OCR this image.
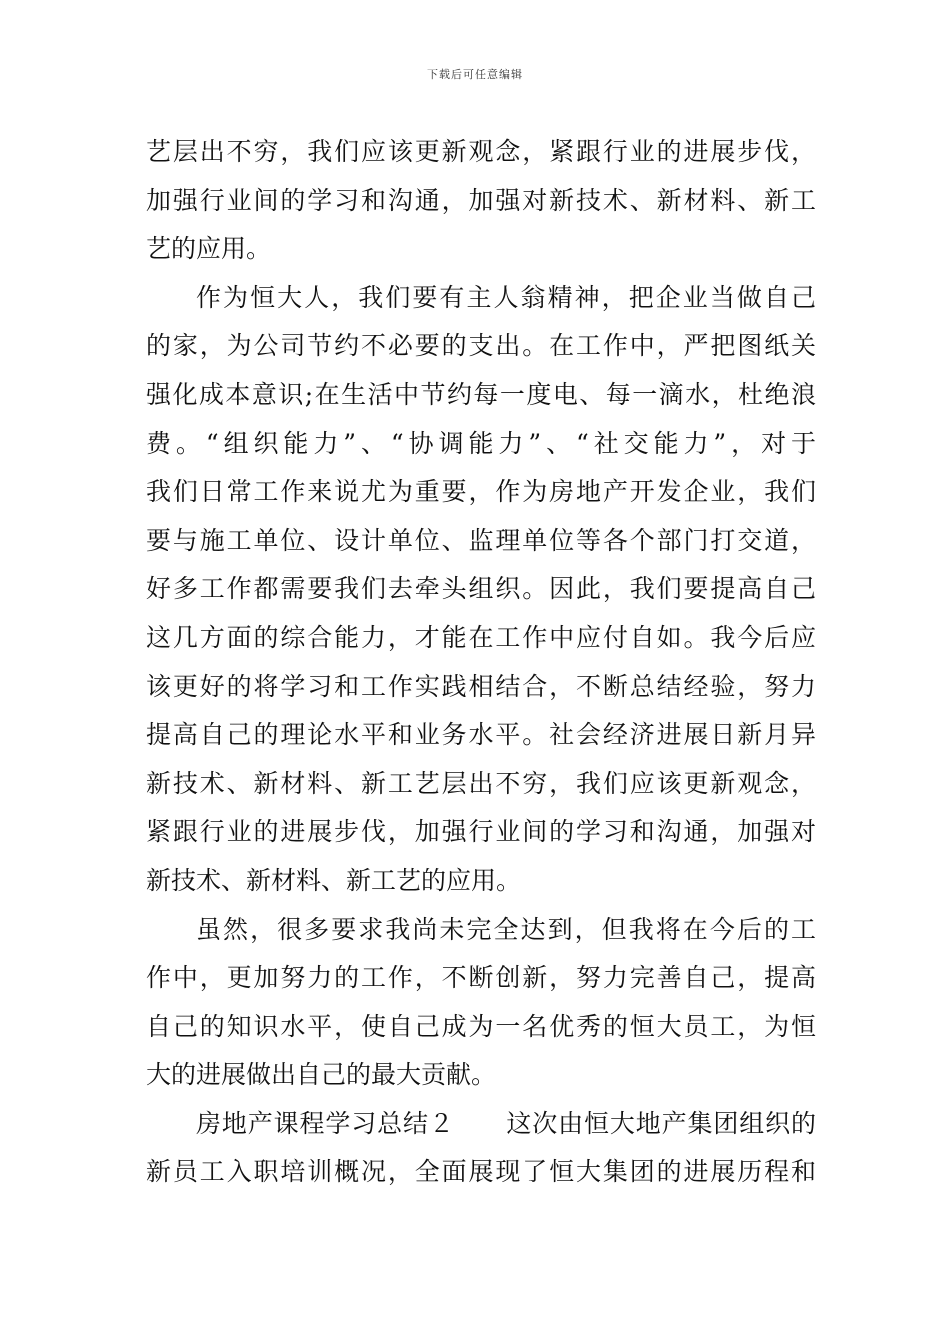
下载后可任意编辑
艺层出不穷，我们应该更新观念，紧跟行业的进展步伐，
加强行业间的学习和沟通，加强对新技术、新材料、新工
艺的应用。
作为恒大人，我们要有主人翁精神，把企业当做自己
的家，为公司节约不必要的支出。在工作中，严把图纸关
强化成本意识;在生活中节约每一度电、每一滴水，杜绝浪
费。“组织能力”、“协调能力”、“社交能力”，对于
我们日常工作来说尤为重要，作为房地产开发企业，我们
要与施工单位、设计单位、监理单位等各个部门打交道，
好多工作都需要我们去牵头组织。因此，我们要提高自己
这几方面的综合能力，才能在工作中应付自如。我今后应
该更好的将学习和工作实践相结合，不断总结经验，努力
提高自己的理论水平和业务水平。社会经济进展日新月异
新技术、新材料、新工艺层出不穷，我们应该更新观念，
紧跟行业的进展步伐，加强行业间的学习和沟通，加强对
新技术、新材料、新工艺的应用。
虽然，很多要求我尚未完全达到，但我将在今后的工
作中，更加努力的工作，不断创新，努力完善自己，提高
自己的知识水平，使自己成为一名优秀的恒大员工，为恒
大的进展做出自己的最大贡献。
房地产课程学习总结２　　这次由恒大地产集团组织的
新员工入职培训概况，全面展现了恒大集团的进展历程和
